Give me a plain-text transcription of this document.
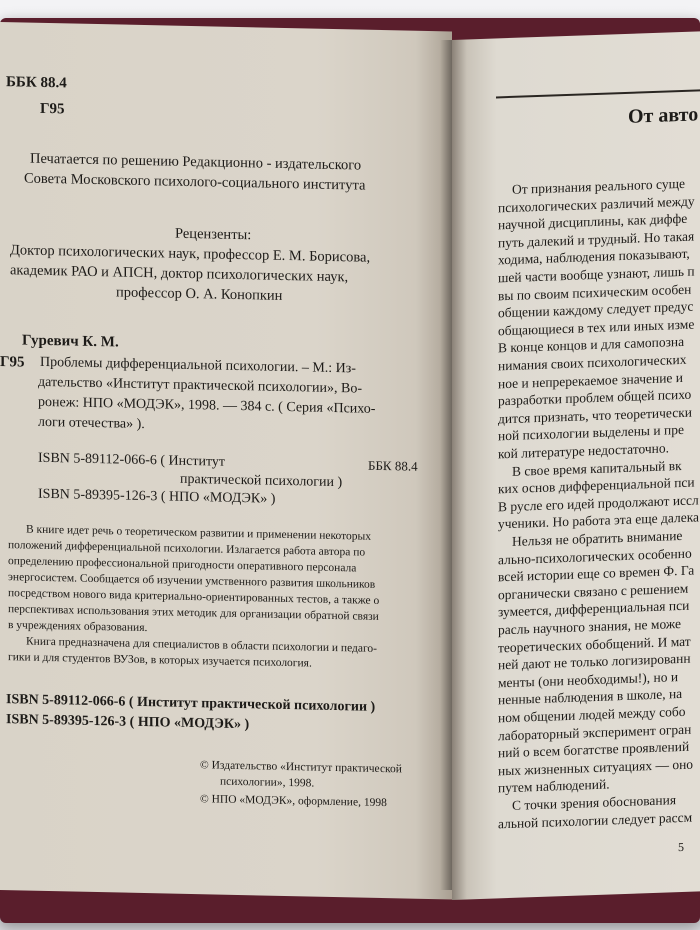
ББК 88.4
Г95
Печатается по решению Редакционно - издательского
Совета Московского психолого-социального института
Рецензенты:
Доктор психологических наук, профессор Е. М. Борисова,
академик РАО и АПСН, доктор психологических наук,
профессор О. А. Конопкин
Гуревич К. М.
Г95 Проблемы дифференциальной психологии. – М.: Из-
дательство «Институт практической психологии», Во-
ронеж: НПО «МОДЭК», 1998. — 384 с. ( Серия «Психо-
логи отечества» ).
ISBN 5-89112-066-6 ( Институт
практической психологии )
ББК 88.4
ISBN 5-89395-126-3 ( НПО «МОДЭК» )
В книге идет речь о теоретическом развитии и применении некоторых
положений дифференциальной психологии. Излагается работа автора по
определению профессиональной пригодности оперативного персонала
энергосистем. Сообщается об изучении умственного развития школьников
посредством нового вида критериально-ориентированных тестов, а также о
перспективах использования этих методик для организации обратной связи
в учреждениях образования.
Книга предназначена для специалистов в области психологии и педаго-
гики и для студентов ВУЗов, в которых изучается психология.
ISBN 5-89112-066-6 ( Институт практической психологии )
ISBN 5-89395-126-3 ( НПО «МОДЭК» )
© Издательство «Институт практической
психологии», 1998.
© НПО «МОДЭК», оформление, 1998
От авто
От признания реального суще
психологических различий между
научной дисциплины, как диффе
путь далекий и трудный. Но такая
ходима, наблюдения показывают,
шей части вообще узнают, лишь п
вы по своим психическим особен
общении каждому следует предус
общающиеся в тех или иных изме
В конце концов и для самопозна
нимания своих психологических
ное и непререкаемое значение и
разработки проблем общей психо
дится признать, что теоретически
ной психологии выделены и пре
кой литературе недостаточно.
В свое время капитальный вк
ких основ дифференциальной пси
В русле его идей продолжают иссл
ученики. Но работа эта еще далека
Нельзя не обратить внимание
ально-психологических особенно
всей истории еще со времен Ф. Га
органически связано с решением
зумеется, дифференциальная пси
расль научного знания, не може
теоретических обобщений. И мат
ней дают не только логизированн
менты (они необходимы!), но и
ненные наблюдения в школе, на
ном общении людей между собо
лабораторный эксперимент огран
ний о всем богатстве проявлений
ных жизненных ситуациях — оно
путем наблюдений.
С точки зрения обоснования
альной психологии следует рассм
5
